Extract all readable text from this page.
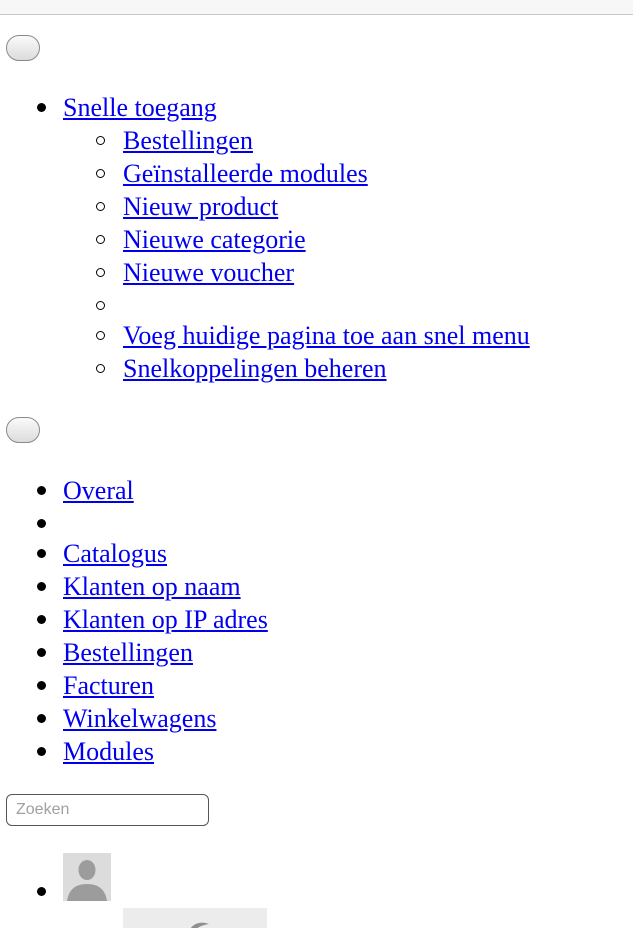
Snelle toegang
Bestellingen
Geïnstalleerde modules
Nieuw product
Nieuwe categorie
Nieuwe voucher
Voeg huidige pagina toe aan snel menu
Snelkoppelingen beheren
Overal
Catalogus
Klanten op naam
Klanten op IP adres
Bestellingen
Facturen
Winkelwagens
Modules
Zoeken
